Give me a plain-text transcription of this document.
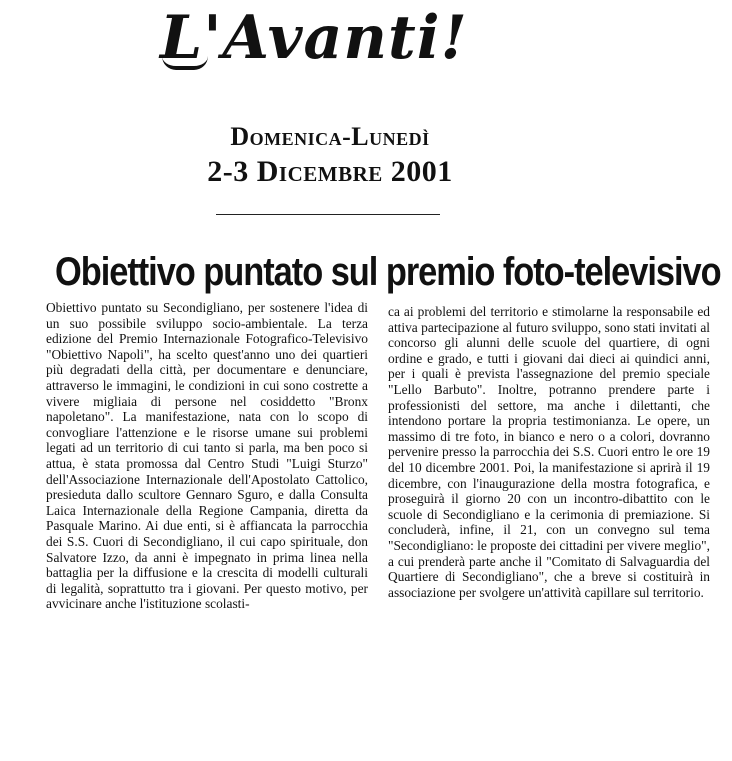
L'Avanti!
Domenica-Lunedì
2-3 Dicembre 2001
Obiettivo puntato sul premio foto-televisivo

Obiettivo puntato su Secondigliano, per sostenere l'idea di un suo possibile sviluppo socio-ambientale. La terza edizione del Premio Internazionale Fotografico-Televisivo "Obiettivo Napoli", ha scelto quest'anno uno dei quartieri più degradati della città, per documentare e denunciare, attraverso le immagini, le condizioni in cui sono costrette a vivere migliaia di persone nel cosiddetto "Bronx napoletano". La manifestazione, nata con lo scopo di convogliare l'attenzione e le risorse umane sui problemi legati ad un territorio di cui tanto si parla, ma ben poco si attua, è stata promossa dal Centro Studi "Luigi Sturzo" dell'Associazione Internazionale dell'Apostolato Cattolico, presieduta dallo scultore Gennaro Sguro, e dalla Consulta Laica Internazionale della Regione Campania, diretta da Pasquale Marino. Ai due enti, si è affiancata la parrocchia dei S.S. Cuori di Secondigliano, il cui capo spirituale, don Salvatore Izzo, da anni è impegnato in prima linea nella battaglia per la diffusione e la crescita di modelli culturali di legalità, soprattutto tra i giovani. Per questo motivo, per avvicinare anche l'istituzione scolasti-

ca ai problemi del territorio e stimolarne la responsabile ed attiva partecipazione al futuro sviluppo, sono stati invitati al concorso gli alunni delle scuole del quartiere, di ogni ordine e grado, e tutti i giovani dai dieci ai quindici anni, per i quali è prevista l'assegnazione del premio speciale "Lello Barbuto". Inoltre, potranno prendere parte i professionisti del settore, ma anche i dilettanti, che intendono portare la propria testimonianza. Le opere, un massimo di tre foto, in bianco e nero o a colori, dovranno pervenire presso la parrocchia dei S.S. Cuori entro le ore 19 del 10 dicembre 2001. Poi, la manifestazione si aprirà il 19 dicembre, con l'inaugurazione della mostra fotografica, e proseguirà il giorno 20 con un incontro-dibattito con le scuole di Secondigliano e la cerimonia di premiazione. Si concluderà, infine, il 21, con un convegno sul tema "Secondigliano: le proposte dei cittadini per vivere meglio", a cui prenderà parte anche il "Comitato di Salvaguardia del Quartiere di Secondigliano", che a breve si costituirà in associazione per svolgere un'attività capillare sul territorio.
